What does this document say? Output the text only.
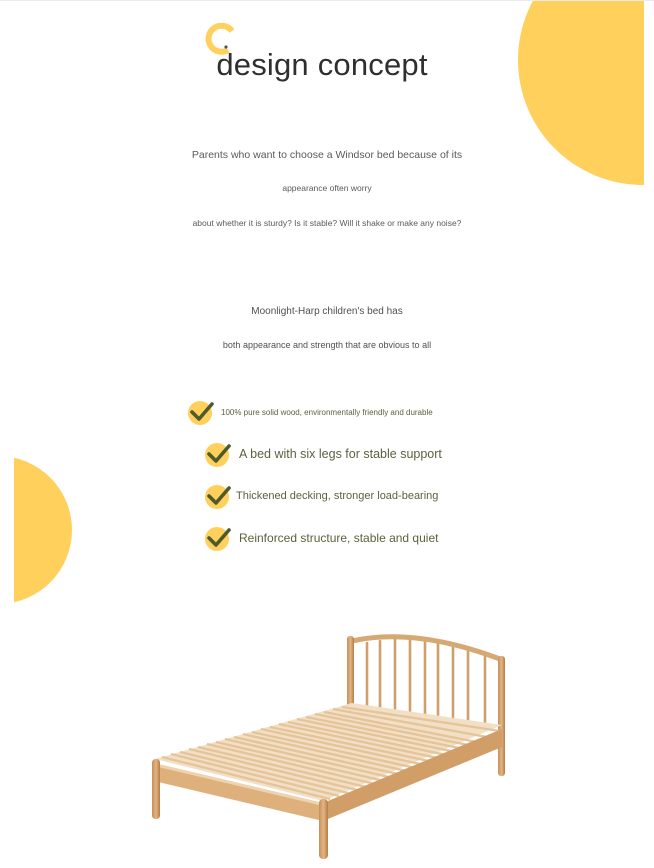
design concept
Parents who want to choose a Windsor bed because of its
appearance often worry
about whether it is sturdy? Is it stable? Will it shake or make any noise?
Moonlight-Harp children's bed has
both appearance and strength that are obvious to all
100% pure solid wood, environmentally friendly and durable
A bed with six legs for stable support
Thickened decking, stronger load-bearing
Reinforced structure, stable and quiet
